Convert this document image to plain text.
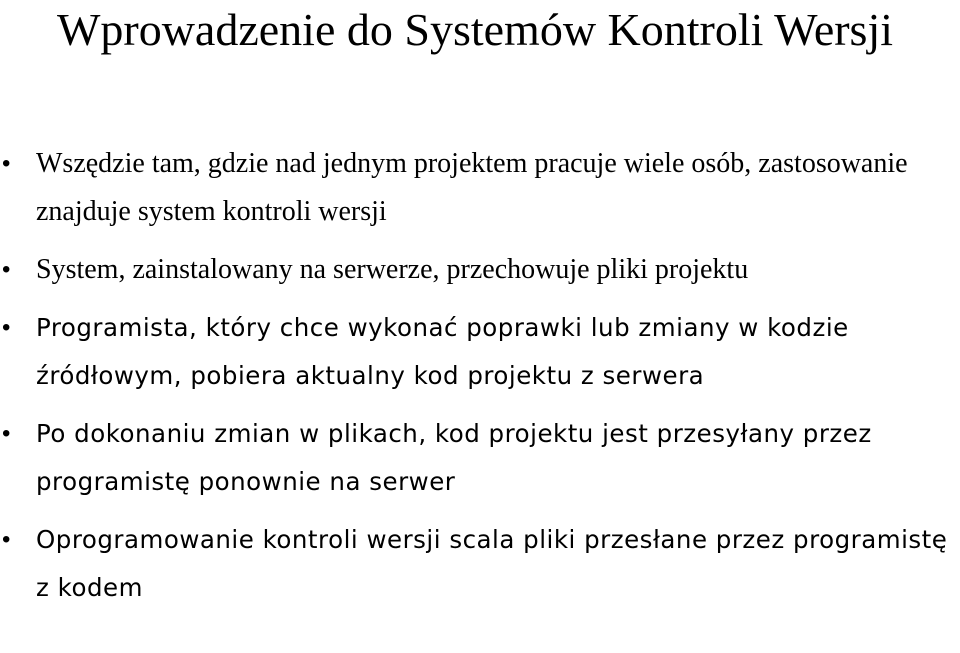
Wprowadzenie do Systemów Kontroli Wersji
• Wszędzie tam, gdzie nad jednym projektem pracuje wiele osób, zastosowanie znajduje system kontroli wersji
• System, zainstalowany na serwerze, przechowuje pliki projektu
• Programista, który chce wykonać poprawki lub zmiany w kodzie źródłowym, pobiera aktualny kod projektu z serwera
• Po dokonaniu zmian w plikach, kod projektu jest przesyłany przez programistę ponownie na serwer
• Oprogramowanie kontroli wersji scala pliki przesłane przez programistę z kodem
